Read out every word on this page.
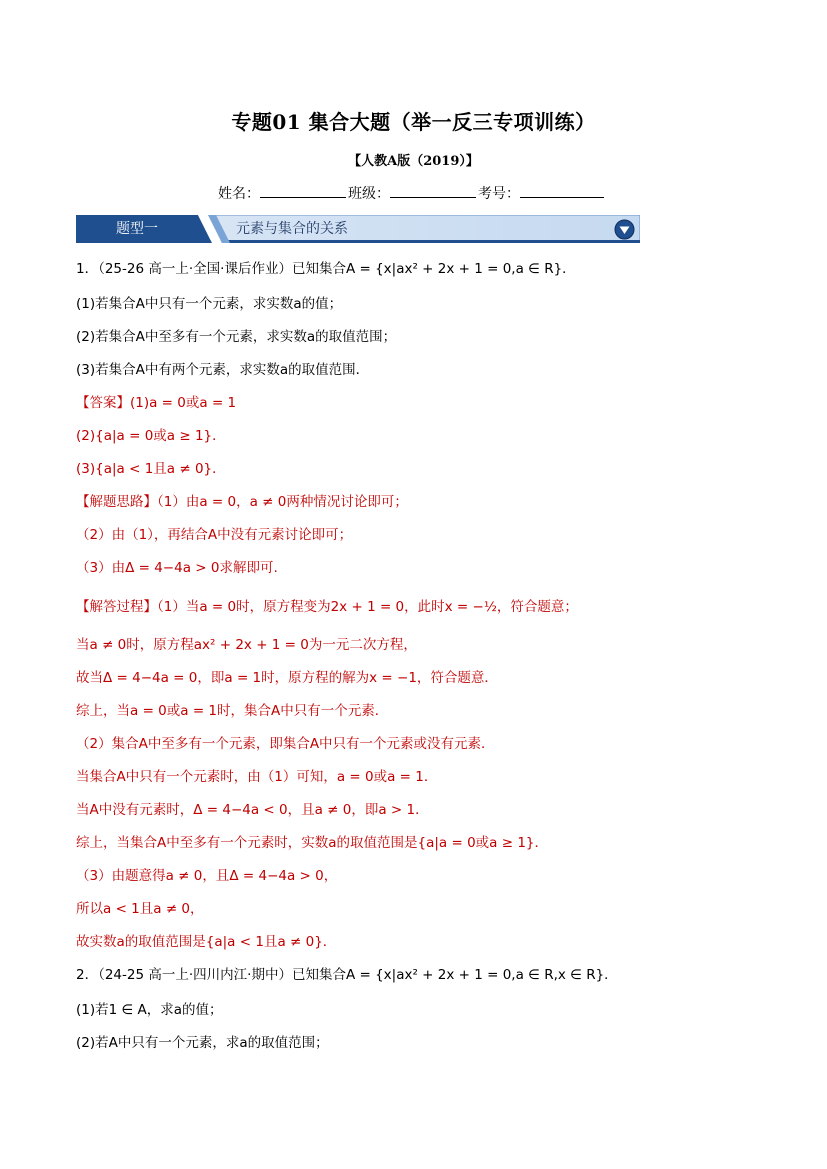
专题01 集合大题（举一反三专项训练）
【人教A版（2019）】
姓名：	班级：	考号：
题型一	元素与集合的关系
1．（25-26 高一上·全国·课后作业）已知集合A = {x|ax² + 2x + 1 = 0,a ∈ R}．
(1)若集合A中只有一个元素，求实数a的值；
(2)若集合A中至多有一个元素，求实数a的取值范围；
(3)若集合A中有两个元素，求实数a的取值范围．
【答案】(1)a = 0或a = 1
(2){a|a = 0或a ≥ 1}．
(3){a|a < 1且a ≠ 0}．
【解题思路】（1）由a = 0，a ≠ 0两种情况讨论即可；
（2）由（1），再结合A中没有元素讨论即可；
（3）由Δ = 4−4a > 0求解即可.
【解答过程】（1）当a = 0时，原方程变为2x + 1 = 0，此时x = −½，符合题意；
当a ≠ 0时，原方程ax² + 2x + 1 = 0为一元二次方程，
故当Δ = 4−4a = 0，即a = 1时，原方程的解为x = −1，符合题意．
综上，当a = 0或a = 1时，集合A中只有一个元素．
（2）集合A中至多有一个元素，即集合A中只有一个元素或没有元素．
当集合A中只有一个元素时，由（1）可知，a = 0或a = 1．
当A中没有元素时，Δ = 4−4a < 0，且a ≠ 0，即a > 1．
综上，当集合A中至多有一个元素时，实数a的取值范围是{a|a = 0或a ≥ 1}．
（3）由题意得a ≠ 0，且Δ = 4−4a > 0，
所以a < 1且a ≠ 0，
故实数a的取值范围是{a|a < 1且a ≠ 0}．
2．（24-25 高一上·四川内江·期中）已知集合A = {x|ax² + 2x + 1 = 0,a ∈ R,x ∈ R}．
(1)若1 ∈ A，求a的值；
(2)若A中只有一个元素，求a的取值范围；
